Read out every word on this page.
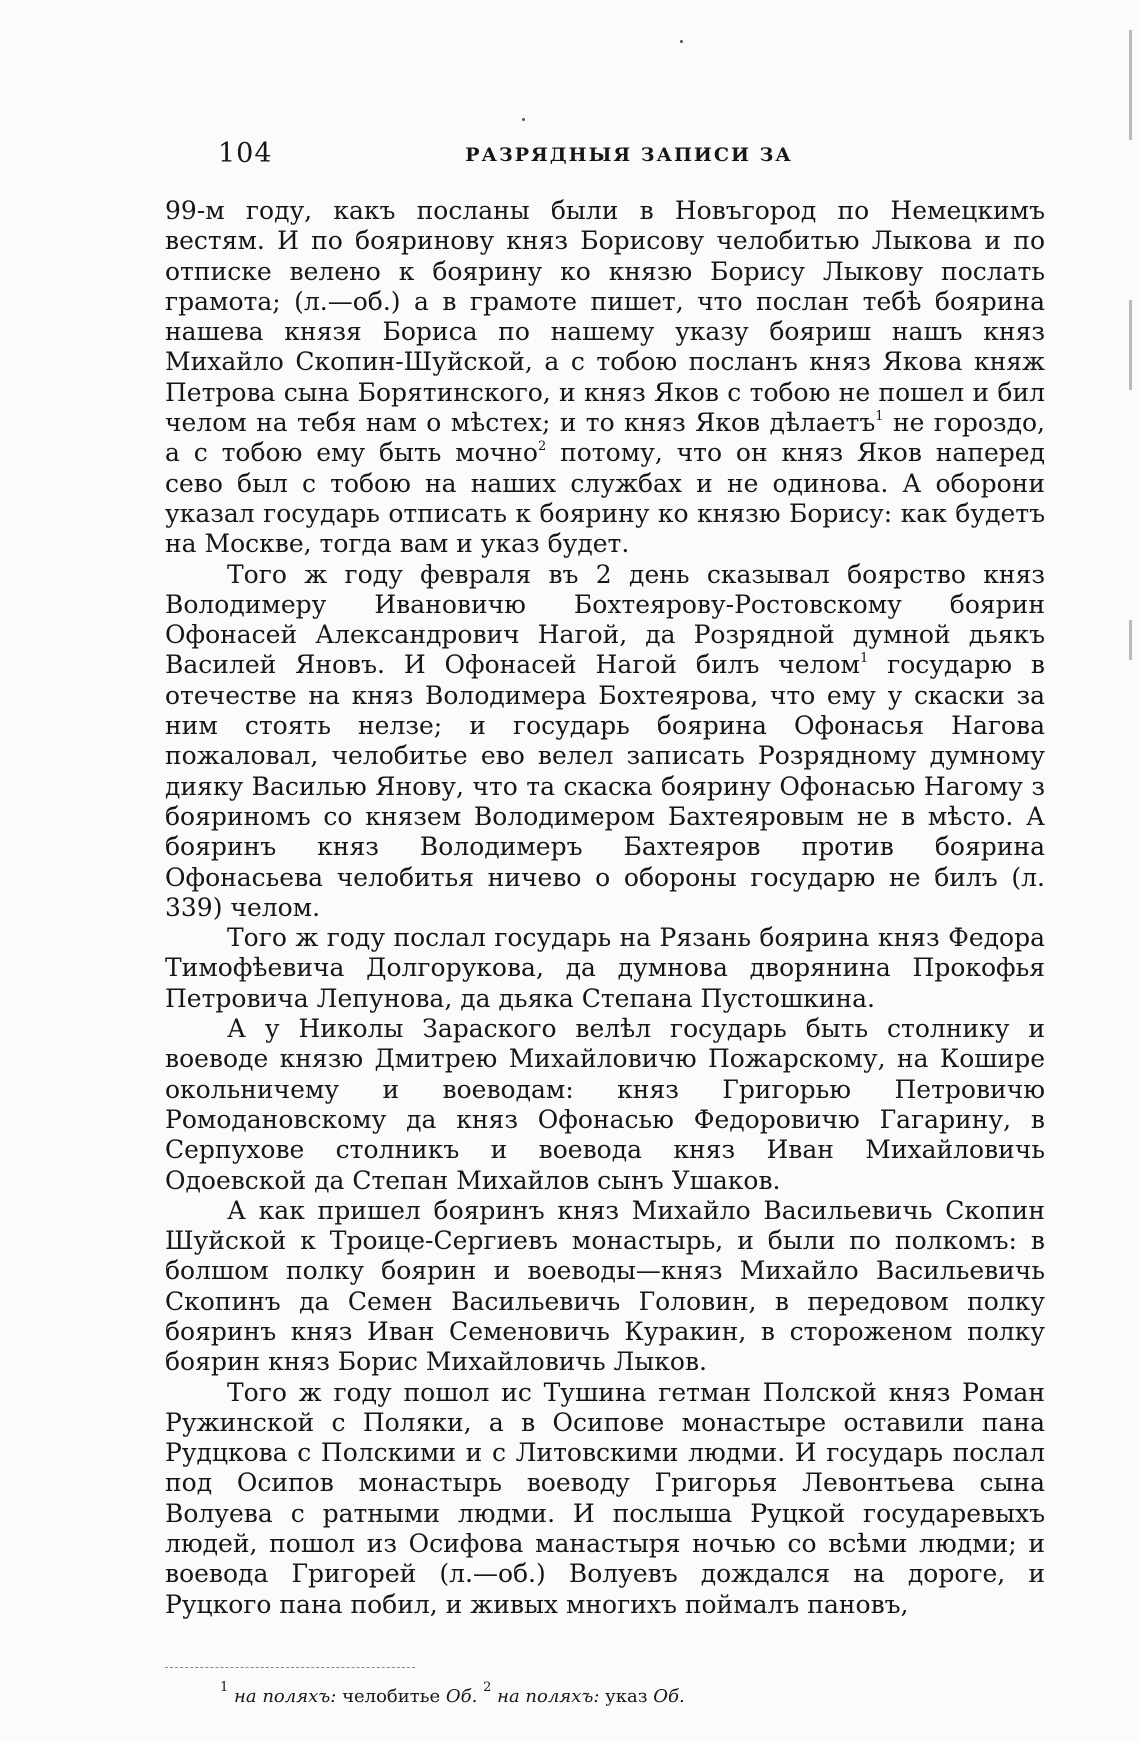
104	РАЗРЯДНЫЯ ЗАПИСИ ЗА

99-м году, какъ посланы были в Новъгород по Немецкимъ вестям. И по бояринову княз Борисову челобитью Лыкова и по отписке велено к боярину ко князю Борису Лыкову послать грамота; (л.—об.) а в грамоте пишет, что послан тебѣ боярина нашева князя Бориса по нашему указу бояриш нашъ княз Михайло Скопин-Шуйской, а с тобою посланъ княз Якова княж Петрова сына Борятинского, и княз Яков с тобою не пошел и бил челом на тебя нам о мѣстех; и то княз Яков дѣлаетъ$^1$ не гороздо, а с тобою ему быть мочно$^2$ потому, что он княз Яков наперед сево был с тобою на наших службах и не одинова. А оборони указал государь отписать к боярину ко князю Борису: как будетъ на Москве, тогда вам и указ будет.

Того ж году февраля въ 2 день сказывал боярство княз Володимеру Ивановичю Бохтеярову-Ростовскому боярин Офонасей Александрович Нагой, да Розрядной думной дьякъ Василей Яновъ. И Офонасей Нагой билъ челом$^1$ государю в отечестве на княз Володимера Бохтеярова, что ему у скаски за ним стоять нелзе; и государь боярина Офонасья Нагова пожаловал, челобитье ево велел записать Розрядному думному дияку Василью Янову, что та скаска боярину Офонасью Нагому з бояриномъ со князем Володимером Бахтеяровым не в мѣсто. А бояринъ княз Володимеръ Бахтеяров против боярина Офонасьева челобитья ничево о обороны государю не билъ (л. 339) челом.

Того ж году послал государь на Рязань боярина княз Федора Тимофѣевича Долгорукова, да думнова дворянина Прокофья Петровича Лепунова, да дьяка Степана Пустошкина.

А у Николы Зараского велѣл государь быть столнику и воеводе князю Дмитрею Михайловичю Пожарскому, на Кошире окольничему и воеводам: княз Григорью Петровичю Ромодановскому да княз Офонасью Федоровичю Гагарину, в Серпухове столникъ и воевода княз Иван Михайловичь Одоевской да Степан Михайлов сынъ Ушаков.

А как пришел бояринъ княз Михайло Васильевичь Скопин Шуйской к Троице-Сергиевъ монастырь, и были по полкомъ: в болшом полку боярин и воеводы—княз Михайло Васильевичь Скопинъ да Семен Васильевичь Головин, в передовом полку бояринъ княз Иван Семеновичь Куракин, в стороженом полку боярин княз Борис Михайловичь Лыков.

Того ж году пошол ис Тушина гетман Полской княз Роман Ружинской с Поляки, а в Осипове монастыре оставили пана Рудцкова с Полскими и с Литовскими людми. И государь послал под Осипов монастырь воеводу Григорья Левонтьева сына Волуева с ратными людми. И послыша Руцкой государевыхъ людей, пошол из Осифова манастыря ночью со всѣми людми; и воевода Григорей (л.—об.) Волуевъ дождался на дороге, и Руцкого пана побил, и живых многихъ поймалъ пановъ,

$^1$ на поляхъ: челобитье Об. $^2$ на поляхъ: указ Об.
